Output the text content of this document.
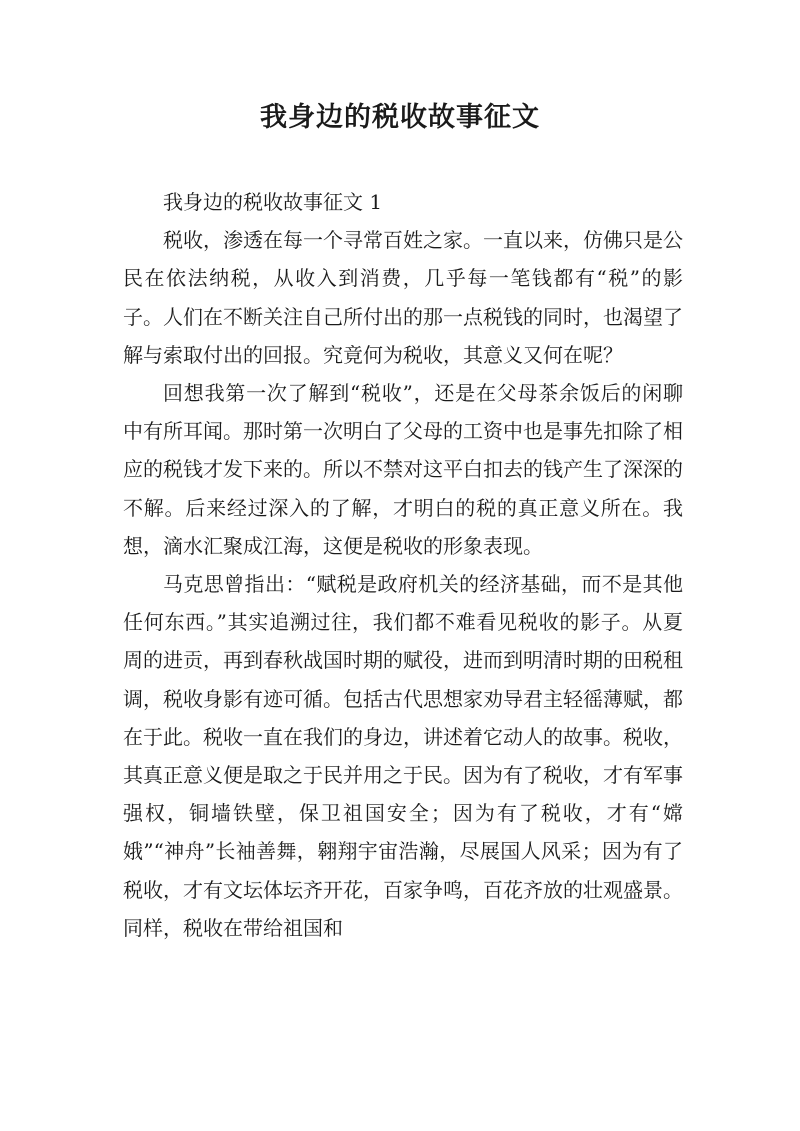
我身边的税收故事征文

我身边的税收故事征文 1

税收，渗透在每一个寻常百姓之家。一直以来，仿佛只是公民在依法纳税，从收入到消费，几乎每一笔钱都有“税”的影子。人们在不断关注自己所付出的那一点税钱的同时，也渴望了解与索取付出的回报。究竟何为税收，其意义又何在呢？

回想我第一次了解到“税收”，还是在父母茶余饭后的闲聊中有所耳闻。那时第一次明白了父母的工资中也是事先扣除了相应的税钱才发下来的。所以不禁对这平白扣去的钱产生了深深的不解。后来经过深入的了解，才明白的税的真正意义所在。我想，滴水汇聚成江海，这便是税收的形象表现。

马克思曾指出：“赋税是政府机关的经济基础，而不是其他任何东西。”其实追溯过往，我们都不难看见税收的影子。从夏周的进贡，再到春秋战国时期的赋役，进而到明清时期的田税租调，税收身影有迹可循。包括古代思想家劝导君主轻徭薄赋，都在于此。税收一直在我们的身边，讲述着它动人的故事。税收，其真正意义便是取之于民并用之于民。因为有了税收，才有军事强权，铜墙铁壁，保卫祖国安全；因为有了税收，才有“嫦娥”“神舟”长袖善舞，翱翔宇宙浩瀚，尽展国人风采；因为有了税收，才有文坛体坛齐开花，百家争鸣，百花齐放的壮观盛景。同样，税收在带给祖国和
